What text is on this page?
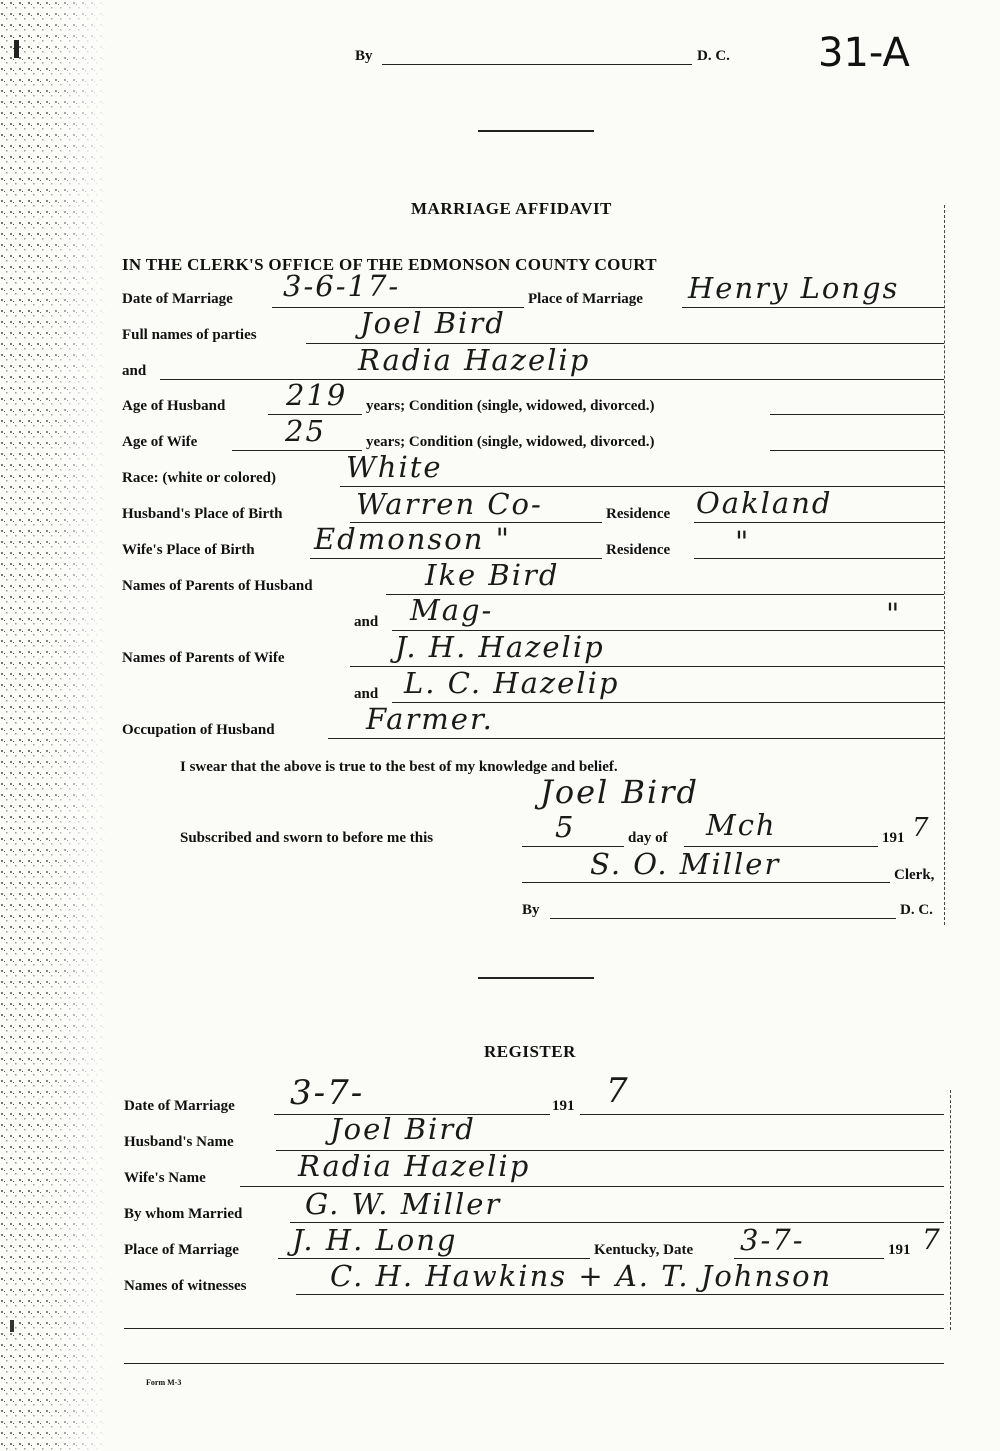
By	D. C. 31-A
MARRIAGE AFFIDAVIT
IN THE CLERK'S OFFICE OF THE EDMONSON COUNTY COURT
Date of Marriage 3-6-17-	Place of Marriage Henry Longs
Full names of parties	Joel Bird
and	Radia Hazelip
Age of Husband 219 years; Condition (single, widowed, divorced.)
Age of Wife	25	years; Condition (single, widowed, divorced.)
Race: (white or colored) White
Husband's Place of Birth	Warren Co-	Residence Oakland
Wife's Place of Birth Edmonson "	Residence "
Names of Parents of Husband	Ike Bird
and Mag-	"
Names of Parents of Wife	J. H. Hazelip
and L. C. Hazelip
Occupation of Husband	Farmer.
I swear that the above is true to the best of my knowledge and belief.
Joel Bird
Subscribed and sworn to before me this	5	day of Mch	191 7
S. O. Miller	Clerk,
By	D. C.
REGISTER
Date of Marriage 3-7-	191 7
Husband's Name	Joel Bird
Wife's Name	Radia Hazelip
By whom Married G. W. Miller
Place of Marriage J. H. Long	Kentucky, Date 3-7-	191 7
Names of witnesses	C. H. Hawkins + A. T. Johnson
Form M-3
